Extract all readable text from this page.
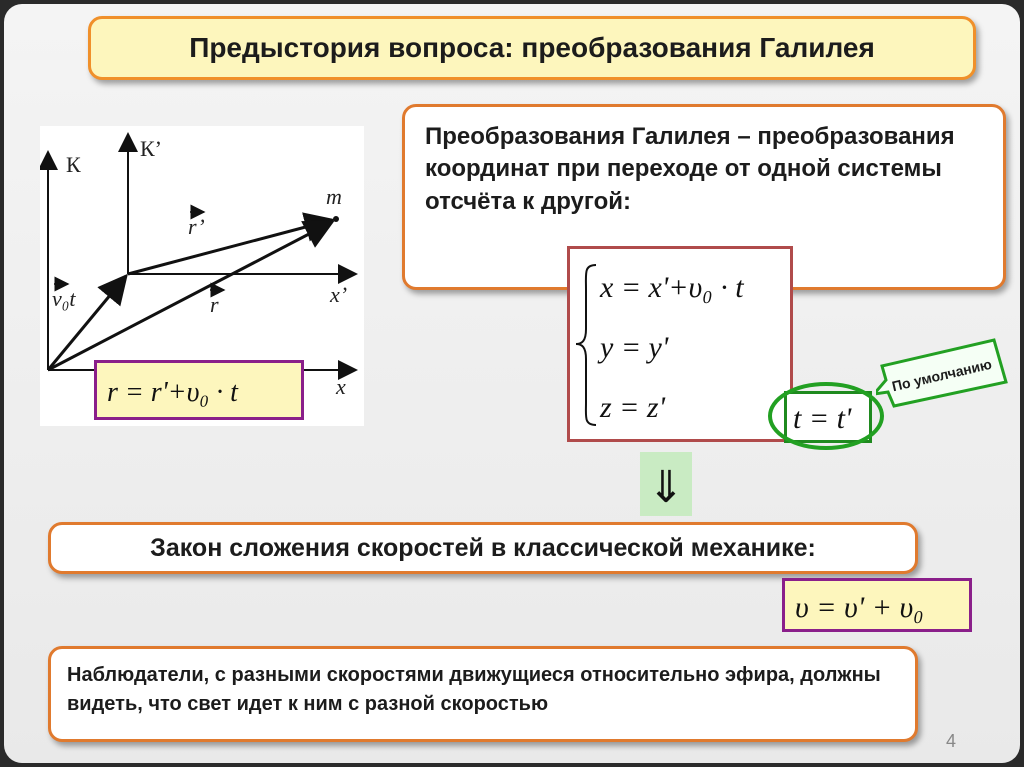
Предыстория вопроса: преобразования Галилея
К
К’
r’
r
v₀t
m
x’
x
r = r'+υ₀ · t
Преобразования Галилея – преобразования координат при переходе от одной системы отсчёта к другой:
x = x'+υ₀ · t
y = y'
z = z'	t = t'
По умолчанию
⇓
Закон сложения скоростей в классической механике:
υ = υ' + υ₀
Наблюдатели, с разными скоростями движущиеся относительно эфира, должны видеть, что свет идет к ним с разной скоростью
4
